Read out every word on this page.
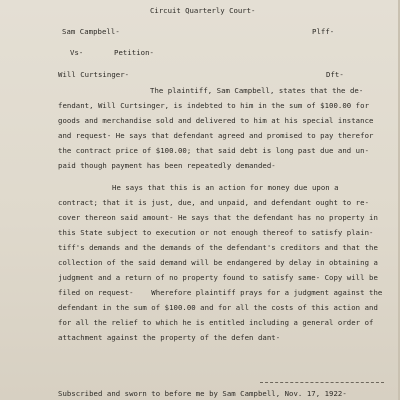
Circuit Quarterly Court-
Sam Campbell-	Plff-
Vs-	Petition-
Will Curtsinger-	Dft-
The plaintiff, Sam Campbell, states that the de-
fendant, Will Curtsinger, is indebted to him in the sum of $100.00 for
goods and merchandise sold and delivered to him at his special instance
and request- He says that defendant agreed and promised to pay therefor
the contract price of $100.00; that said debt is long past due and un-
paid though payment has been repeatedly demanded-
He says that this is an action for money due upon a
contract; that it is just, due, and unpaid, and defendant ought to re-
cover thereon said amount- He says that the defendant has no property in
this State subject to execution or not enough thereof to satisfy plain-
tiff's demands and the demands of the defendant's creditors and that the
collection of the said demand will be endangered by delay in obtaining a
judgment and a return of no property found to satisfy same- Copy will be
filed on request-    Wherefore plaintiff prays for a judgment against the
defendant in the sum of $100.00 and for all the costs of this action and
for all the relief to which he is entitled including a general order of
attachment against the property of the defen dant-
Subscribed and sworn to before me by Sam Campbell, Nov. 17, 1922-
